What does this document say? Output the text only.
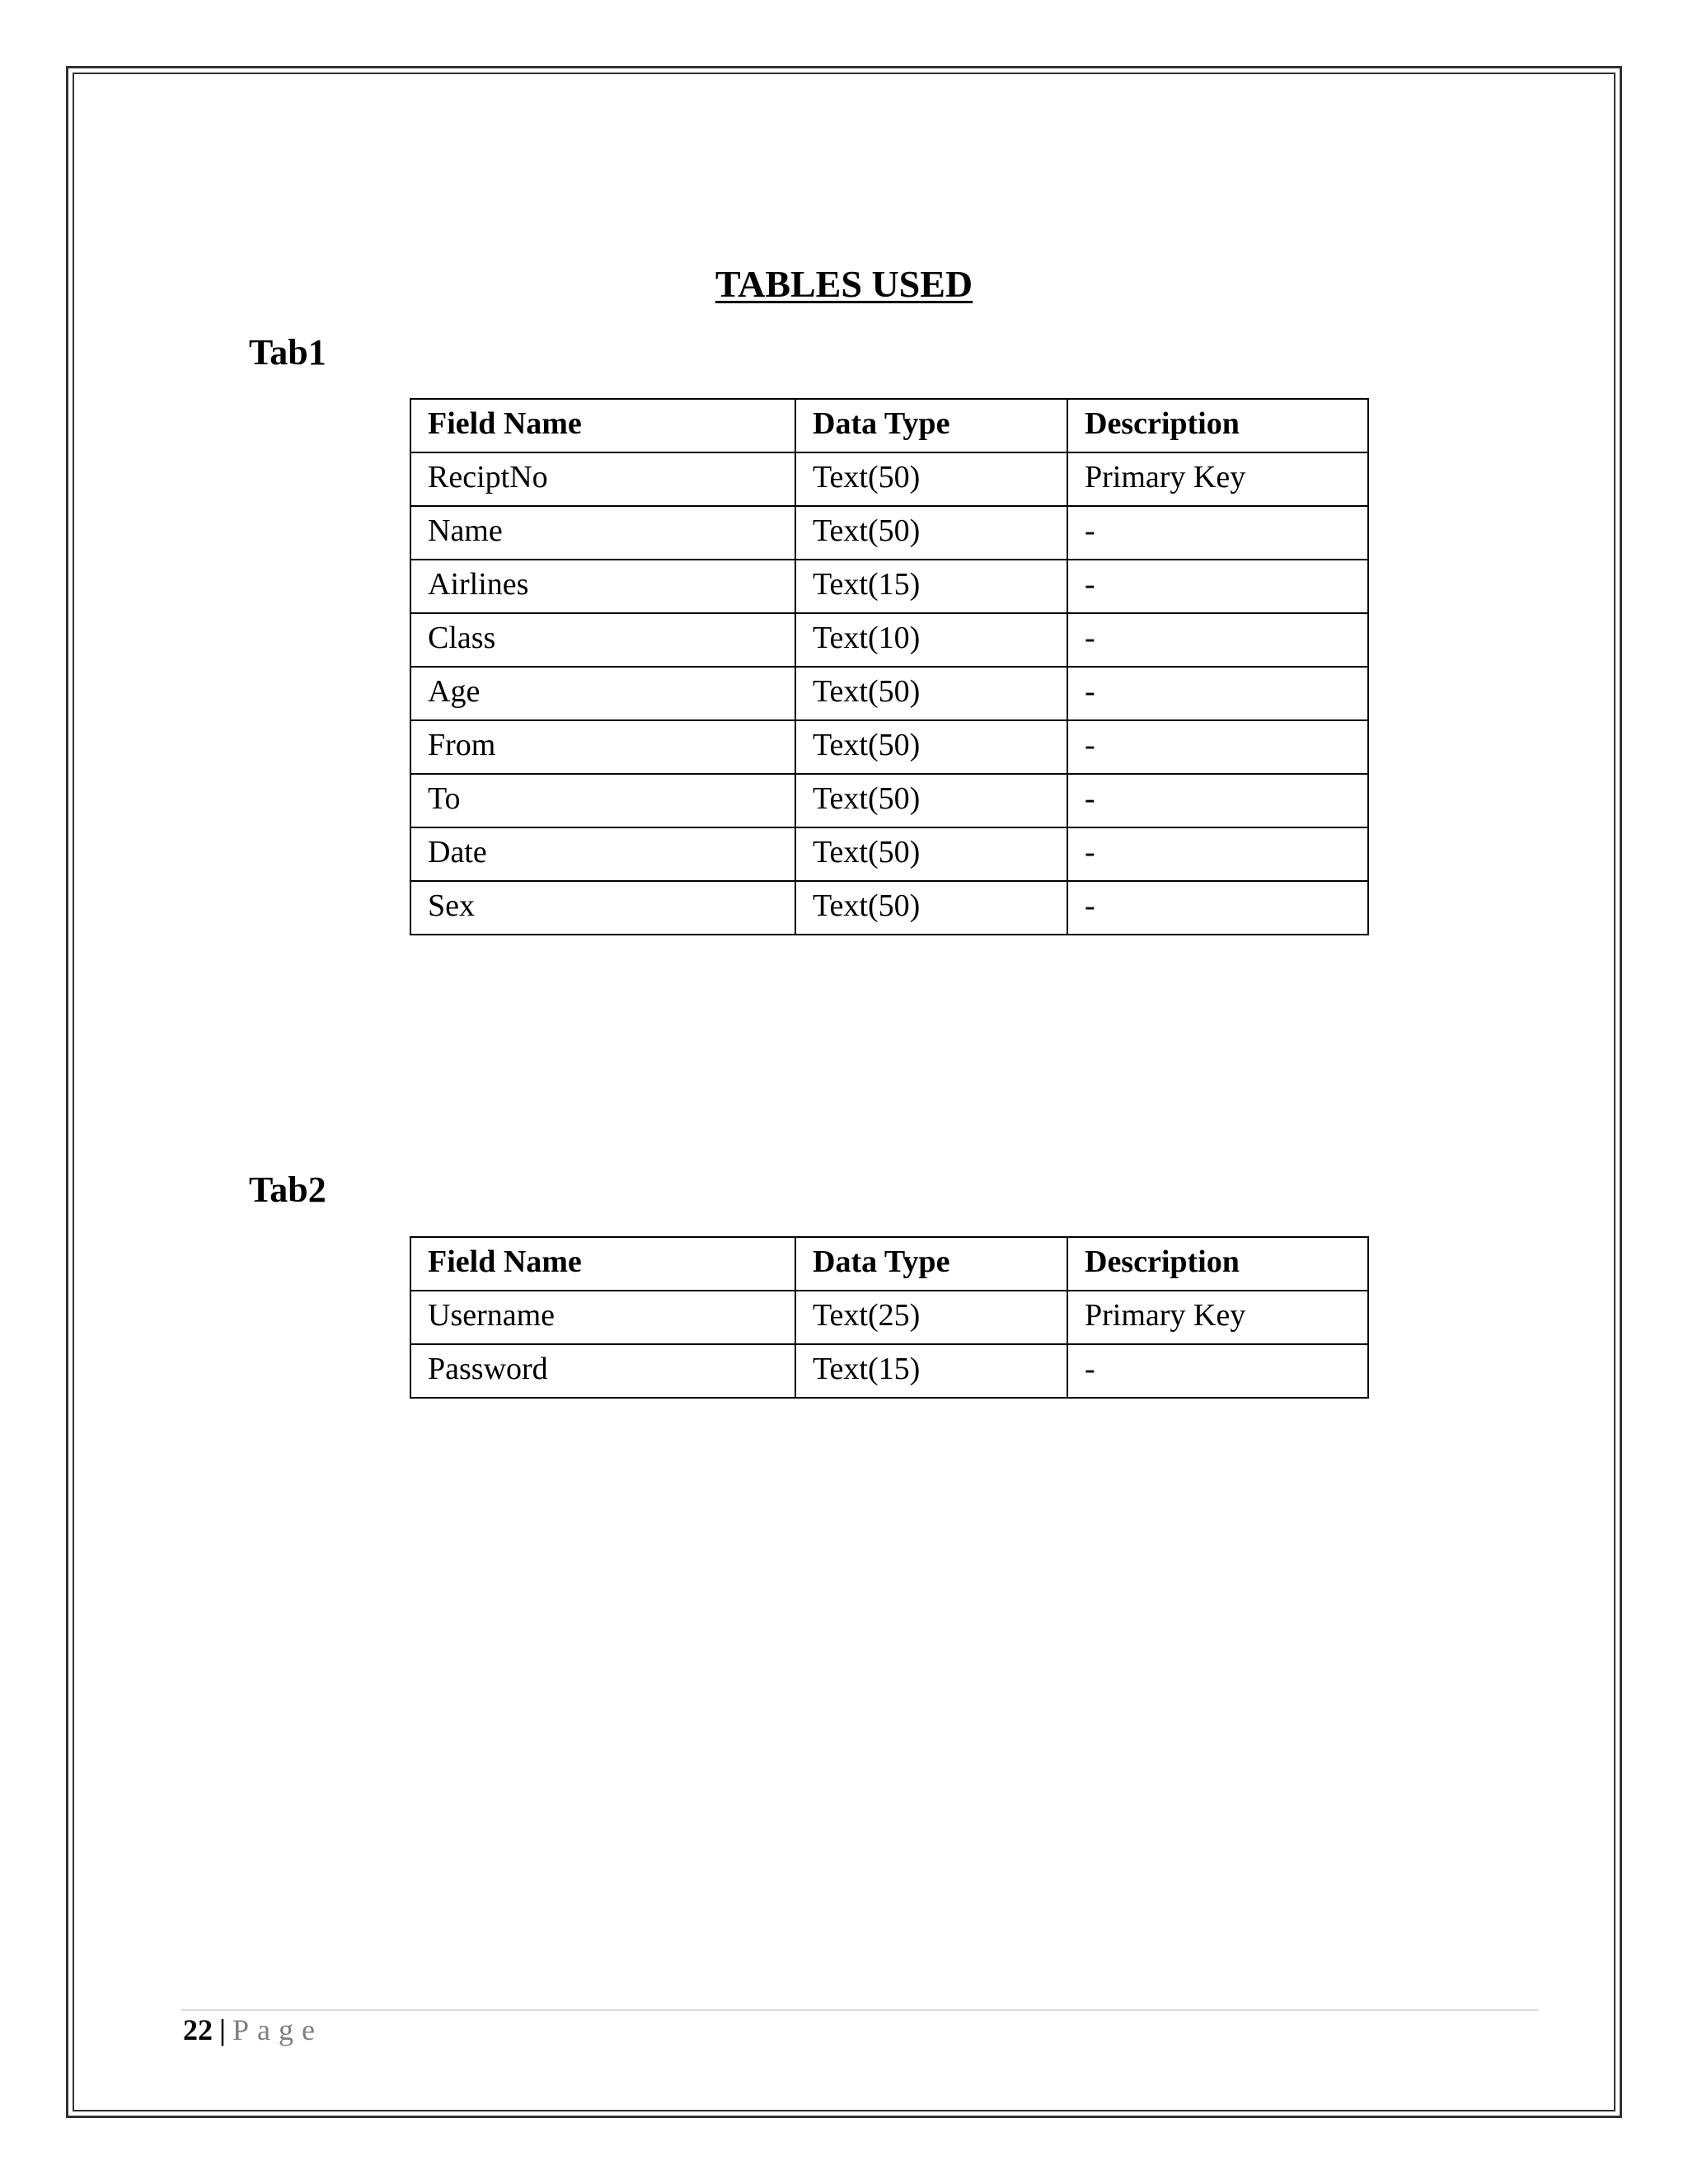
TABLES USED
Tab1
Field Name	Data Type	Description
ReciptNo	Text(50)	Primary Key
Name	Text(50)	-
Airlines	Text(15)	-
Class	Text(10)	-
Age	Text(50)	-
From	Text(50)	-
To	Text(50)	-
Date	Text(50)	-
Sex	Text(50)	-
Tab2
Field Name	Data Type	Description
Username	Text(25)	Primary Key
Password	Text(15)	-
22 | Page
